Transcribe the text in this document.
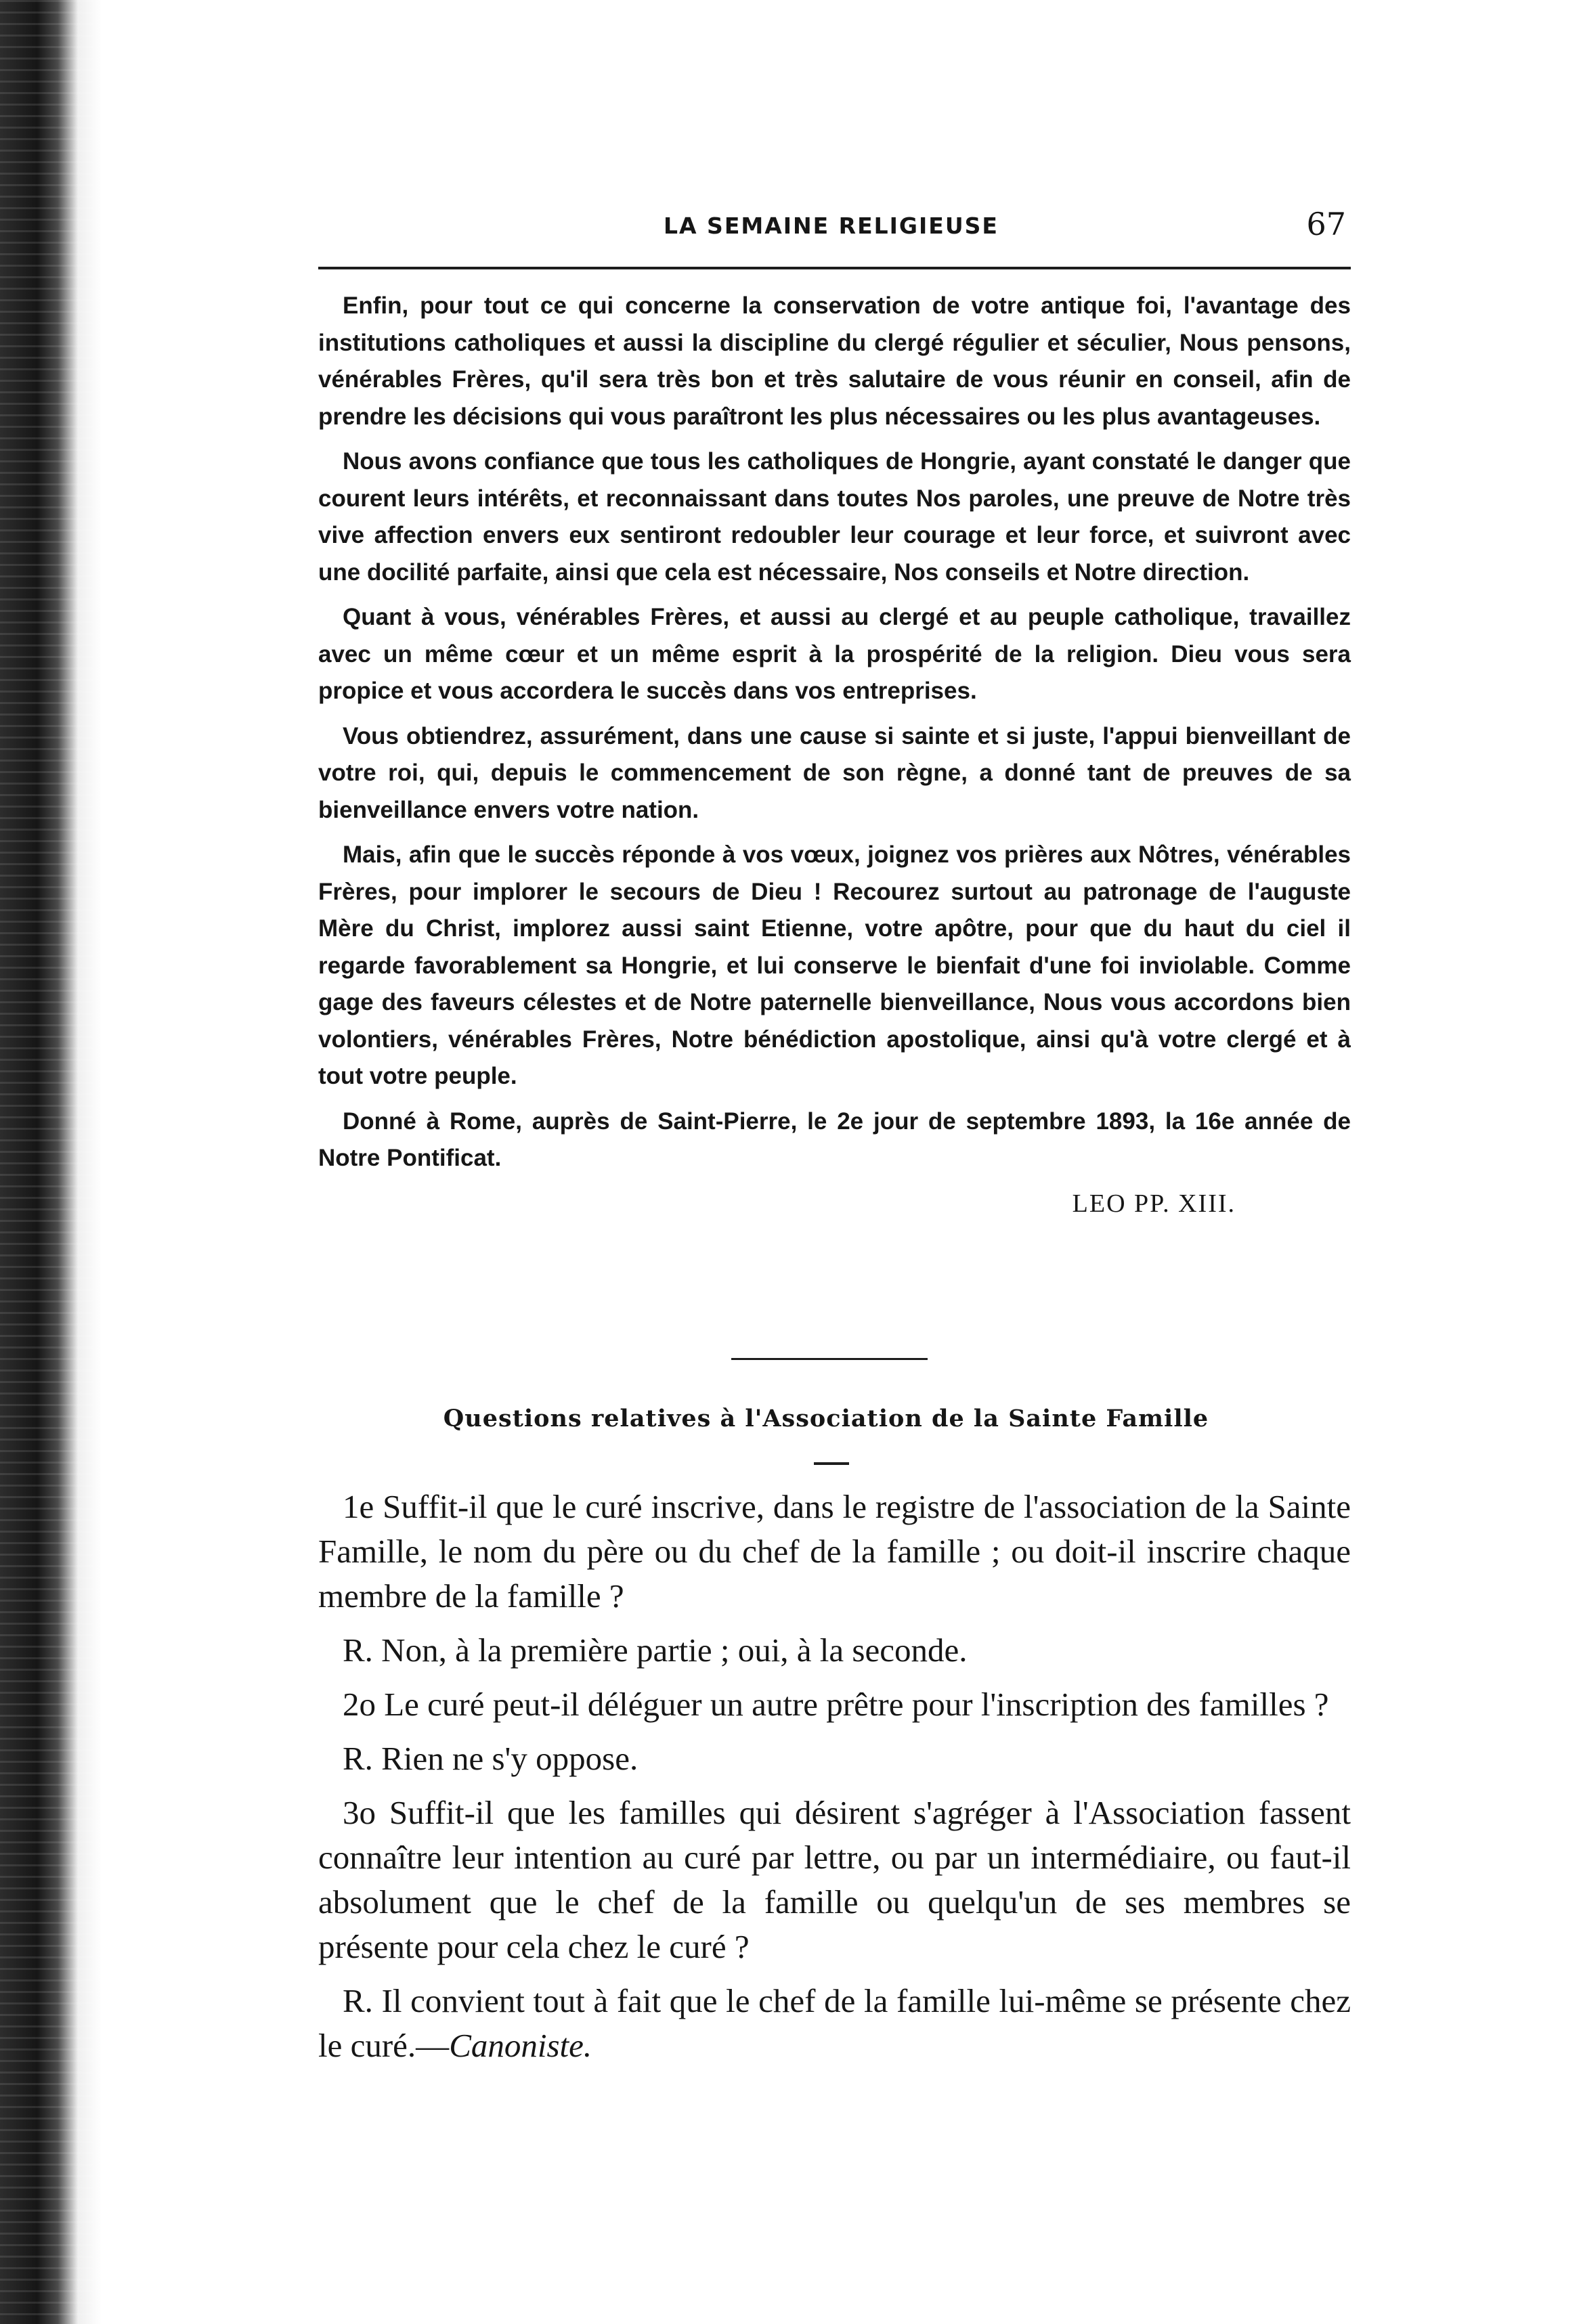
LA SEMAINE RELIGIEUSE	67

Enfin, pour tout ce qui concerne la conservation de votre antique foi, l'avantage des institutions catholiques et aussi la discipline du clergé régulier et séculier, Nous pensons, vénérables Frères, qu'il sera très bon et très salutaire de vous réunir en conseil, afin de prendre les décisions qui vous paraîtront les plus nécessaires ou les plus avantageuses.

Nous avons confiance que tous les catholiques de Hongrie, ayant constaté le danger que courent leurs intérêts, et reconnaissant dans toutes Nos paroles, une preuve de Notre très vive affection envers eux sentiront redoubler leur courage et leur force, et suivront avec une docilité parfaite, ainsi que cela est nécessaire, Nos conseils et Notre direction.

Quant à vous, vénérables Frères, et aussi au clergé et au peuple catholique, travaillez avec un même cœur et un même esprit à la prospérité de la religion. Dieu vous sera propice et vous accordera le succès dans vos entreprises.

Vous obtiendrez, assurément, dans une cause si sainte et si juste, l'appui bienveillant de votre roi, qui, depuis le commencement de son règne, a donné tant de preuves de sa bienveillance envers votre nation.

Mais, afin que le succès réponde à vos vœux, joignez vos prières aux Nôtres, vénérables Frères, pour implorer le secours de Dieu ! Recourez surtout au patronage de l'auguste Mère du Christ, implorez aussi saint Etienne, votre apôtre, pour que du haut du ciel il regarde favorablement sa Hongrie, et lui conserve le bienfait d'une foi inviolable. Comme gage des faveurs célestes et de Notre paternelle bienveillance, Nous vous accordons bien volontiers, vénérables Frères, Notre bénédiction apostolique, ainsi qu'à votre clergé et à tout votre peuple.

Donné à Rome, auprès de Saint-Pierre, le 2e jour de septembre 1893, la 16e année de Notre Pontificat.

LEO PP. XIII.
Questions relatives à l'Association de la Sainte Famille

1e Suffit-il que le curé inscrive, dans le registre de l'association de la Sainte Famille, le nom du père ou du chef de la famille ; ou doit-il inscrire chaque membre de la famille ?

R. Non, à la première partie ; oui, à la seconde.

2o Le curé peut-il déléguer un autre prêtre pour l'inscription des familles ?

R. Rien ne s'y oppose.

3o Suffit-il que les familles qui désirent s'agréger à l'Association fassent connaître leur intention au curé par lettre, ou par un intermédiaire, ou faut-il absolument que le chef de la famille ou quelqu'un de ses membres se présente pour cela chez le curé ?

R. Il convient tout à fait que le chef de la famille lui-même se présente chez le curé.—Canoniste.
